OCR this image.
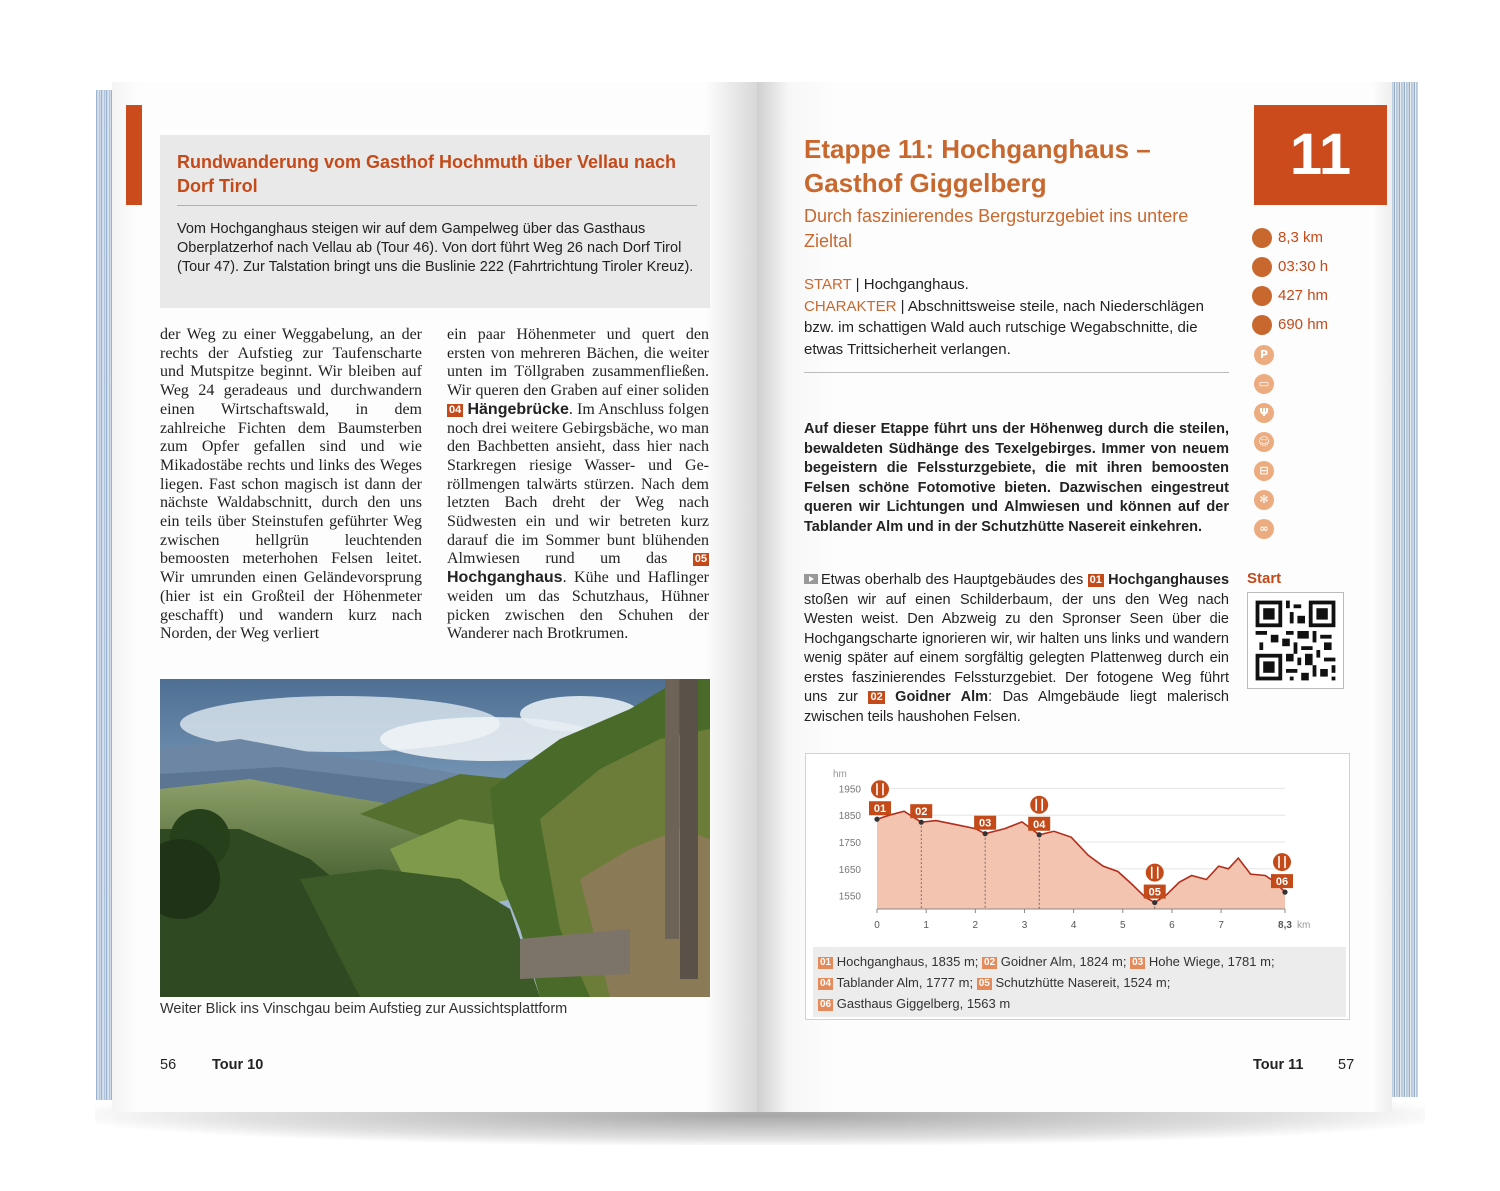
Rundwanderung vom Gasthof Hochmuth über Vellau nach Dorf Tirol
Vom Hochganghaus steigen wir auf dem Gampelweg über das Gasthaus Oberplatzerhof nach Vellau ab (Tour 46). Von dort führt Weg 26 nach Dorf Tirol (Tour 47). Zur Talstation bringt uns die Buslinie 222 (Fahrtrichtung Tiroler Kreuz).
der Weg zu einer Weggabelung, an der rechts der Aufstieg zur Taufenscharte und Mutspitze beginnt. Wir bleiben auf Weg 24 geradeaus und durchwandern einen Wirtschaftswald, in dem zahlreiche Fichten dem Baumsterben zum Opfer gefallen sind und wie Mikadostäbe rechts und links des Weges liegen. Fast schon magisch ist dann der nächste Waldabschnitt, durch den uns ein teils über Steinstufen geführter Weg zwischen hellgrün leuchtenden bemoosten meterhohen Felsen leitet. Wir umrunden einen Geländevorsprung (hier ist ein Großteil der Höhenmeter geschafft) und wandern kurz nach Norden, der Weg verliert
ein paar Höhenmeter und quert den ersten von mehreren Bächen, die weiter unten im Töllgraben zusammenfließen. Wir queren den Graben auf einer soliden 04 Hängebrücke. Im Anschluss folgen noch drei weitere Gebirgsbäche, wo man den Bachbetten ansieht, dass hier nach Starkregen riesige Wasser- und Geröllmengen talwärts stürzen. Nach dem letzten Bach dreht der Weg nach Südwesten ein und wir betreten kurz darauf die im Sommer bunt blühenden Almwiesen rund um das 05 Hochganghaus. Kühe und Haflinger weiden um das Schutzhaus, Hühner picken zwischen den Schuhen der Wanderer nach Brotkrumen.
Weiter Blick ins Vinschgau beim Aufstieg zur Aussichtsplattform
56 Tour 10
Etappe 11: Hochganghaus –
Gasthof Giggelberg
Durch faszinierendes Bergsturzgebiet ins untere Zieltal
11
START | Hochganghaus.
CHARAKTER | Abschnittsweise steile, nach Niederschlägen bzw. im schattigen Wald auch rutschige Wegabschnitte, die etwas Trittsicherheit verlangen.
Auf dieser Etappe führt uns der Höhenweg durch die steilen, bewaldeten Südhänge des Texelgebirges. Immer von neuem begeistern die Felssturzgebiete, die mit ihren bemoosten Felsen schöne Fotomotive bieten. Dazwischen eingestreut queren wir Lichtungen und Almwiesen und können auf der Tablander Alm und in der Schutzhütte Nasereit einkehren.
Etwas oberhalb des Hauptgebäudes des 01 Hochganghauses stoßen wir auf einen Schilderbaum, der uns den Weg nach Westen weist. Den Abzweig zu den Spronser Seen über die Hochgangscharte ignorieren wir, wir halten uns links und wandern wenig später auf einem sorgfältig gelegten Plattenweg durch ein erstes faszinierendes Felssturzgebiet. Der fotogene Weg führt uns zur 02 Goidner Alm: Das Almgebäude liegt malerisch zwischen teils haushohen Felsen.
8,3 km
03:30 h
427 hm
690 hm
P
▭
Ψ
☺
⊟
✻
∞
Start
1950
1850
1750
1650
1550
hm
0	1	2	3	4	5	6	7	8,3 km
01	02
03	04
05
06
01 Hochganghaus, 1835 m; 02 Goidner Alm, 1824 m; 03 Hohe Wiege, 1781 m;
04 Tablander Alm, 1777 m; 05 Schutzhütte Nasereit, 1524 m;
06 Gasthaus Giggelberg, 1563 m
Tour 11 57
